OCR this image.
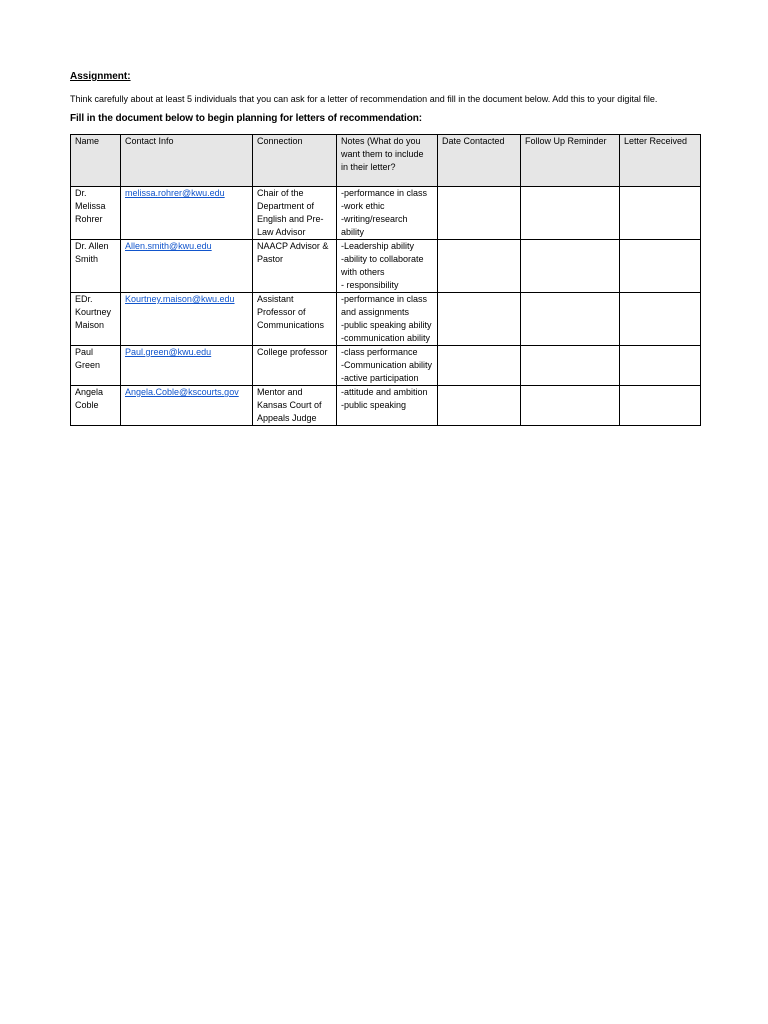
Assignment:
Think carefully about at least 5 individuals that you can ask for a letter of recommendation and fill in the document below. Add this to your digital file.
Fill in the document below to begin planning for letters of recommendation:
Name	Contact Info	Connection	Notes (What do you want them to include in their letter?	Date Contacted	Follow Up Reminder	Letter Received
Dr. Melissa Rohrer	melissa.rohrer@kwu.edu	Chair of the Department of English and Pre-Law Advisor	-performance in class
-work ethic
-writing/research ability			

Dr. Allen Smith	Allen.smith@kwu.edu	NAACP Advisor & Pastor	-Leadership ability
-ability to collaborate with others
- responsibility			

EDr. Kourtney Maison	Kourtney.maison@kwu.edu	Assistant Professor of Communications	-performance in class and assignments
-public speaking ability
-communication ability			

Paul Green	Paul.green@kwu.edu	College professor	-class performance
-Communication ability
-active participation			

Angela Coble	Angela.Coble@kscourts.gov	Mentor and Kansas Court of Appeals Judge	-attitude and ambition
-public speaking			
